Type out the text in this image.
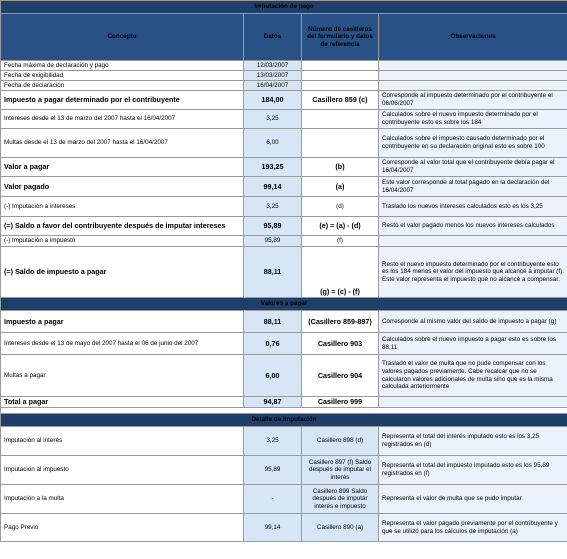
Imputación de pago			
Concepto	Datos	Número de casilleros del formulario y datos de referencia	Observaciones
Fecha máxima de declaración y pago	12/03/2007		
Fecha de exigibilidad	13/03/2007		
Fecha de declaración	16/04/2007		
Impuesto a pagar determinado por el contribuyente	184,00	Casillero 859 (c)	Corresponde al impuesto determinado por el contribuyente el 06/06/2007
Intereses desde el 13 de marzo del 2007 hasta el 16/04/2007	3,25		Calculados sobre el nuevo impuesto determinado por el contribuyente esto es sobre los 184
Multas desde el 13 de marzo del 2007 hasta el 16/04/2007	6,00		Calculados sobre el impuesto causado determinado por el contribuyente en su declaración original esto es sobre 100
Valor a pagar	193,25	(b)	Corresponde al valor total que el contribuyente debía pagar el 16/04/2007
Valor pagado	99,14	(a)	Este valor corresponde al total pagado en la declaración del 16/04/2007
(-) Imputación a intereses	3,25	(d)	Traslado los nuevos intereses calculados esto es los 3,25
(=) Saldo a favor del contribuyente después de imputar intereses	95,89	(e) = (a) - (d)	Resto el valor pagado menos los nuevos intereses calculados
(-) Imputación a impuesto	95,89	(f)	
(=) Saldo de impuesto a pagar	88,11	(g) = (c) - (f)	Resto el nuevo impuesto determinado por el contribuyente esto es los 184 menos el valor del impuesto que alcancé a imputar (f). Este valor representa el impuesto que no alcancé a compensar.
Valores a pagar			
Impuesto a pagar	88,11	(Casillero 859-897)	Corresponde al mismo valor del saldo de impuesto a pagar (g)
Intereses desde el 13 de mayo del 2007 hasta el 06 de junio del 2007	0,76	Casillero 903	Calculados sobre el nuevo impuesto a pagar esto es sobre los 88,11
Multas a pagar	6,00	Casillero 904	Traslado el valor de multa que no pude compensar con los valores pagados previamente. Cabe recalcar que no se calcularon valores adicionales de multa sino que es la misma calculada anteriormente
Total a pagar	94,87	Casillero 999	

Detalle de Imputación			
Imputación al interés	3,25	Casillero 898 (d)	Representa el total del interés imputado esto es los 3,25 registrados en (d)
Imputación al impuesto	95,89	Casillero 897 (f) Saldo después de imputar el interés	Representa el total del impuesto imputado esto es los 95,89 registrados en (f)
Imputación a la multa	-	Casillero 899 Saldo después de imputar interés e impuesto	Representa el valor de multa que se pudo imputar
Pago Previo	99,14	Casillero 890 (a)	Representa el valor pagado previamente por el contribuyente y que se utilizó para los cálculos de imputación (a)
